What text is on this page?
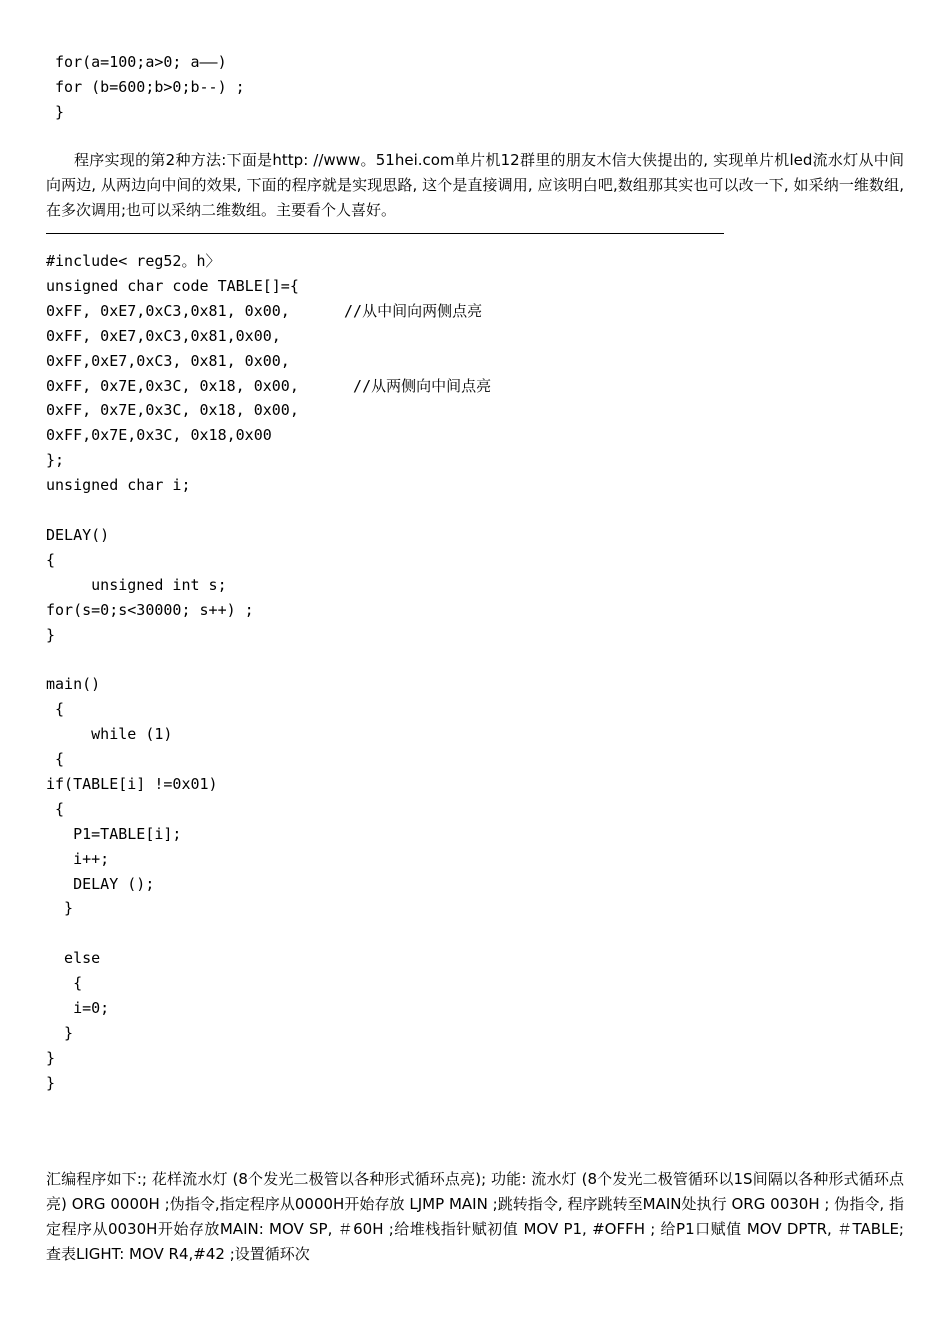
for(a=100;a>0; a——)
for (b=600;b>0;b--) ;
}
程序实现的第2种方法:下面是http: //www。51hei.com单片机12群里的朋友木信大侠提出的, 实现单片机led流水灯从中间向两边, 从两边向中间的效果, 下面的程序就是实现思路, 这个是直接调用, 应该明白吧,数组那其实也可以改一下, 如采纳一维数组,在多次调用;也可以采纳二维数组。主要看个人喜好。
#include< reg52。h〉
unsigned char code TABLE[]={
0xFF, 0xE7,0xC3,0x81, 0x00,      //从中间向两侧点亮
0xFF, 0xE7,0xC3,0x81,0x00,
0xFF,0xE7,0xC3, 0x81, 0x00,
0xFF, 0x7E,0x3C, 0x18, 0x00,      //从两侧向中间点亮
0xFF, 0x7E,0x3C, 0x18, 0x00,
0xFF,0x7E,0x3C, 0x18,0x00
};
unsigned char i;
DELAY()
{
unsigned int s;
for(s=0;s<30000; s++) ;
}
main()
{
while (1)
{
if(TABLE[i] !=0x01)
{
P1=TABLE[i];
i++;
DELAY ();
}
else
{
i=0;
}
}
}
汇编程序如下:; 花样流水灯 (8个发光二极管以各种形式循环点亮); 功能: 流水灯 (8个发光二极管循环以1S间隔以各种形式循环点亮) ORG 0000H ;伪指令,指定程序从0000H开始存放 LJMP MAIN ;跳转指令, 程序跳转至MAIN处执行 ORG 0030H ; 伪指令, 指定程序从0030H开始存放MAIN: MOV SP, ＃60H ;给堆栈指针赋初值 MOV P1, #OFFH ; 给P1口赋值 MOV DPTR, ＃TABLE; 查表LIGHT: MOV R4,#42 ;设置循环次
